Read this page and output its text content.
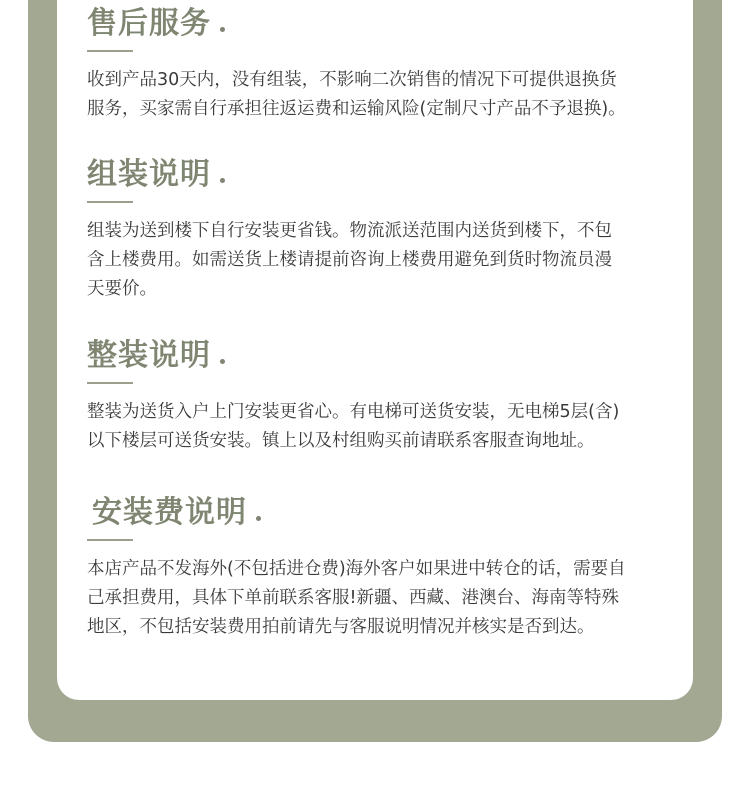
售后服务
收到产品30天内，没有组装，不影响二次销售的情况下可提供退换货
服务，买家需自行承担往返运费和运输风险(定制尺寸产品不予退换)。
组装说明
组装为送到楼下自行安装更省钱。物流派送范围内送货到楼下，不包
含上楼费用。如需送货上楼请提前咨询上楼费用避免到货时物流员漫
天要价。
整装说明
整装为送货入户上门安装更省心。有电梯可送货安装，无电梯5层(含)
以下楼层可送货安装。镇上以及村组购买前请联系客服查询地址。
安装费说明
本店产品不发海外(不包括进仓费)海外客户如果进中转仓的话，需要自
己承担费用，具体下单前联系客服!新疆、西藏、港澳台、海南等特殊
地区，不包括安装费用拍前请先与客服说明情况并核实是否到达。
